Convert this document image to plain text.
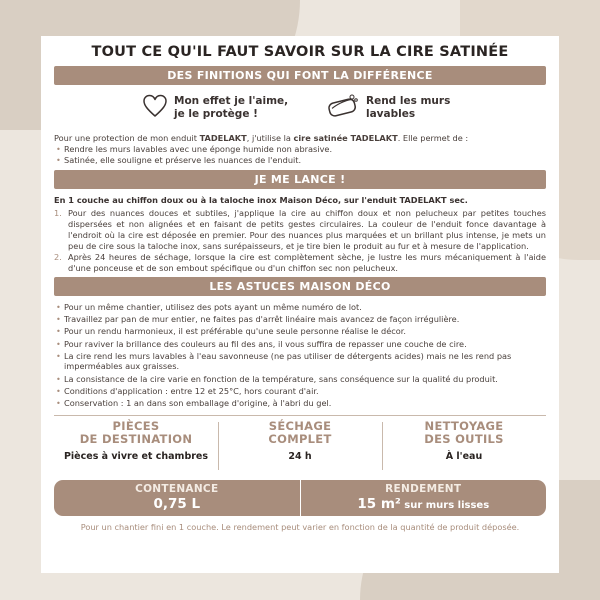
TOUT CE QU'IL FAUT SAVOIR SUR LA CIRE SATINÉE
DES FINITIONS QUI FONT LA DIFFÉRENCE
Mon effet je l'aime,
je le protège !
Rend les murs
lavables
Pour une protection de mon enduit TADELAKT, j'utilise la cire satinée TADELAKT. Elle permet de :
• Rendre les murs lavables avec une éponge humide non abrasive.
• Satinée, elle souligne et préserve les nuances de l'enduit.
JE ME LANCE !
En 1 couche au chiffon doux ou à la taloche inox Maison Déco, sur l'enduit TADELAKT sec.
1. Pour des nuances douces et subtiles, j'applique la cire au chiffon doux et non pelucheux par petites touches dispersées et non alignées et en faisant de petits gestes circulaires. La couleur de l'enduit fonce davantage à l'endroit où la cire est déposée en premier. Pour des nuances plus marquées et un brillant plus intense, je mets un peu de cire sous la taloche inox, sans surépaisseurs, et je tire bien le produit au fur et à mesure de l'application.
2. Après 24 heures de séchage, lorsque la cire est complètement sèche, je lustre les murs mécaniquement à l'aide d'une ponceuse et de son embout spécifique ou d'un chiffon sec non pelucheux.
LES ASTUCES MAISON DÉCO
• Pour un même chantier, utilisez des pots ayant un même numéro de lot.
• Travaillez par pan de mur entier, ne faites pas d'arrêt linéaire mais avancez de façon irrégulière.
• Pour un rendu harmonieux, il est préférable qu'une seule personne réalise le décor.
• Pour raviver la brillance des couleurs au fil des ans, il vous suffira de repasser une couche de cire.
• La cire rend les murs lavables à l'eau savonneuse (ne pas utiliser de détergents acides) mais ne les rend pas imperméables aux graisses.
• La consistance de la cire varie en fonction de la température, sans conséquence sur la qualité du produit.
• Conditions d'application : entre 12 et 25°C, hors courant d'air.
• Conservation : 1 an dans son emballage d'origine, à l'abri du gel.
PIÈCES
DE DESTINATION
Pièces à vivre et chambres
SÉCHAGE
COMPLET
24 h
NETTOYAGE
DES OUTILS
À l'eau
CONTENANCE
0,75 L
RENDEMENT
15 m² sur murs lisses
Pour un chantier fini en 1 couche. Le rendement peut varier en fonction de la quantité de produit déposée.
